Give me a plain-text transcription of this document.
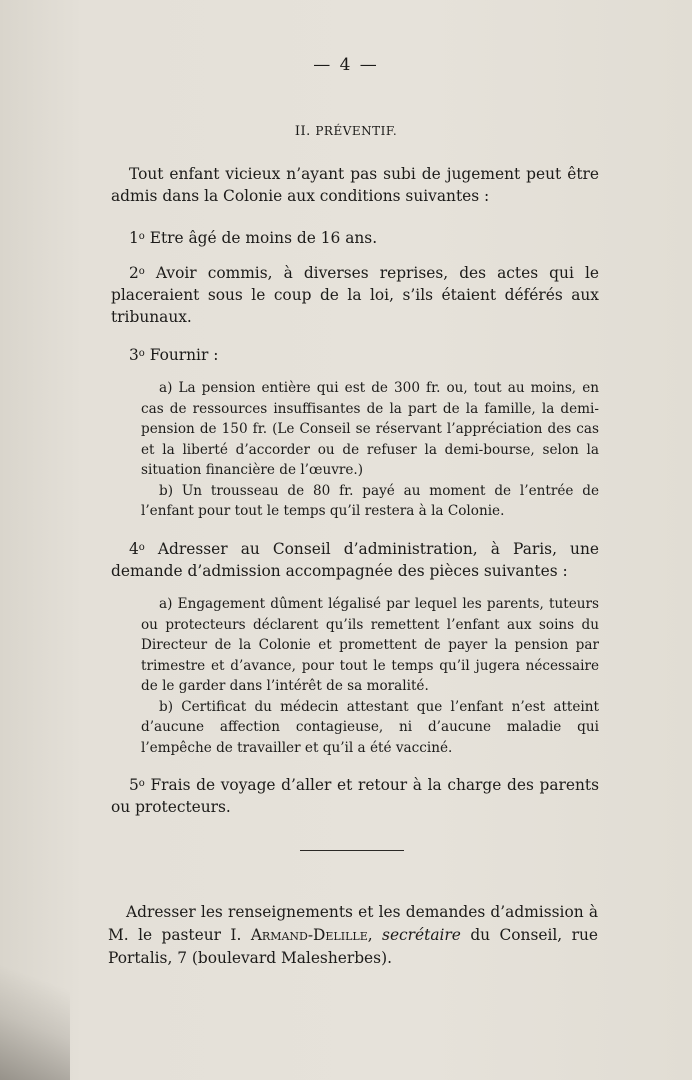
— 4 —
II. PRÉVENTIF.

Tout enfant vicieux n’ayant pas subi de jugement peut être admis dans la Colonie aux conditions suivantes :

1$^o$ Etre âgé de moins de 16 ans.

2$^o$ Avoir commis, à diverses reprises, des actes qui le placeraient sous le coup de la loi, s’ils étaient déférés aux tribunaux.

3$^o$ Fournir :

a) La pension entière qui est de 300 fr. ou, tout au moins, en cas de ressources insuffisantes de la part de la famille, la demi-pension de 150 fr. (Le Conseil se réservant l’appréciation des cas et la liberté d’accorder ou de refuser la demi-bourse, selon la situation financière de l’œuvre.)

b) Un trousseau de 80 fr. payé au moment de l’entrée de l’enfant pour tout le temps qu’il restera à la Colonie.

4$^o$ Adresser au Conseil d’administration, à Paris, une demande d’admission accompagnée des pièces suivantes :

a) Engagement dûment légalisé par lequel les parents, tuteurs ou protecteurs déclarent qu’ils remettent l’enfant aux soins du Directeur de la Colonie et promettent de payer la pension par trimestre et d’avance, pour tout le temps qu’il jugera nécessaire de le garder dans l’intérêt de sa moralité.

b) Certificat du médecin attestant que l’enfant n’est atteint d’aucune affection contagieuse, ni d’aucune maladie qui l’empêche de travailler et qu’il a été vacciné.

5$^o$ Frais de voyage d’aller et retour à la charge des parents ou protecteurs.

Adresser les renseignements et les demandes d’admission à M. le pasteur I. Armand-Delille, secrétaire du Conseil, rue Portalis, 7 (boulevard Malesherbes).
